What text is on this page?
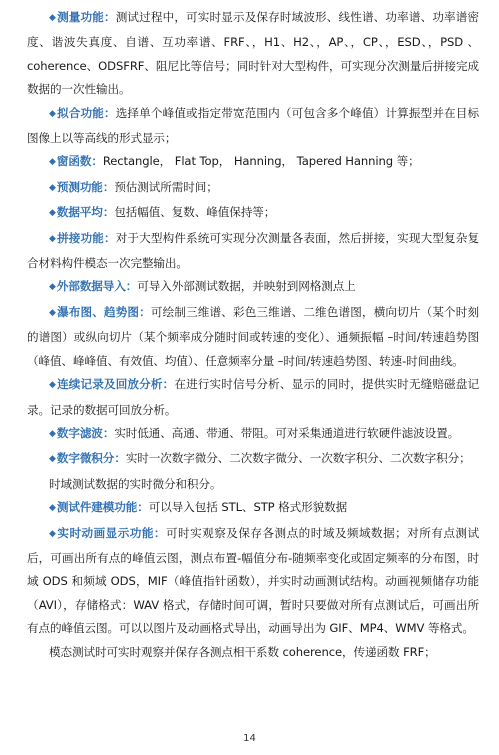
◆测量功能：测试过程中，可实时显示及保存时域波形、线性谱、功率谱、功率谱密度、谐波失真度、自谱、互功率谱、FRF、，H1、H2、，AP、，CP、，ESD、，PSD 、coherence、ODSFRF、阻尼比等信号；同时针对大型构件，可实现分次测量后拼接完成数据的一次性输出。

◆拟合功能：选择单个峰值或指定带宽范围内（可包含多个峰值）计算振型并在目标图像上以等高线的形式显示；

◆窗函数：Rectangle， Flat Top， Hanning， Tapered Hanning 等；

◆预测功能：预估测试所需时间；

◆数据平均：包括幅值、复数、峰值保持等；

◆拼接功能：对于大型构件系统可实现分次测量各表面，然后拼接，实现大型复杂复合材料构件模态一次完整输出。

◆外部数据导入：可导入外部测试数据，并映射到网格测点上

◆瀑布图、趋势图：可绘制三维谱、彩色三维谱、二维色谱图，横向切片（某个时刻的谱图）或纵向切片（某个频率成分随时间或转速的变化）、通频振幅 –时间/转速趋势图（峰值、峰峰值、有效值、均值）、任意频率分量 –时间/转速趋势图、转速-时间曲线。

◆连续记录及回放分析：在进行实时信号分析、显示的同时，提供实时无缝赔磁盘记录。记录的数据可回放分析。

◆数字滤波：实时低通、高通、带通、带阻。可对采集通道进行软硬件滤波设置。

◆数字微积分：实时一次数字微分、二次数字微分、一次数字积分、二次数字积分；

时域测试数据的实时微分和积分。

◆测试件建模功能：可以导入包括 STL、STP 格式形貌数据

◆实时动画显示功能：可时实观察及保存各测点的时域及频域数据；对所有点测试后，可画出所有点的峰值云图，测点布置-幅值分布-随频率变化或固定频率的分布图，时域 ODS 和频域 ODS，MIF（峰值指针函数），并实时动画测试结构。动画视频储存功能（AVI），存储格式：WAV 格式，存储时间可调，暂时只要做对所有点测试后，可画出所有点的峰值云图。可以以图片及动画格式导出，动画导出为 GIF、MP4、WMV 等格式。

模态测试时可实时观察并保存各测点相干系数 coherence，传递函数 FRF；

14
